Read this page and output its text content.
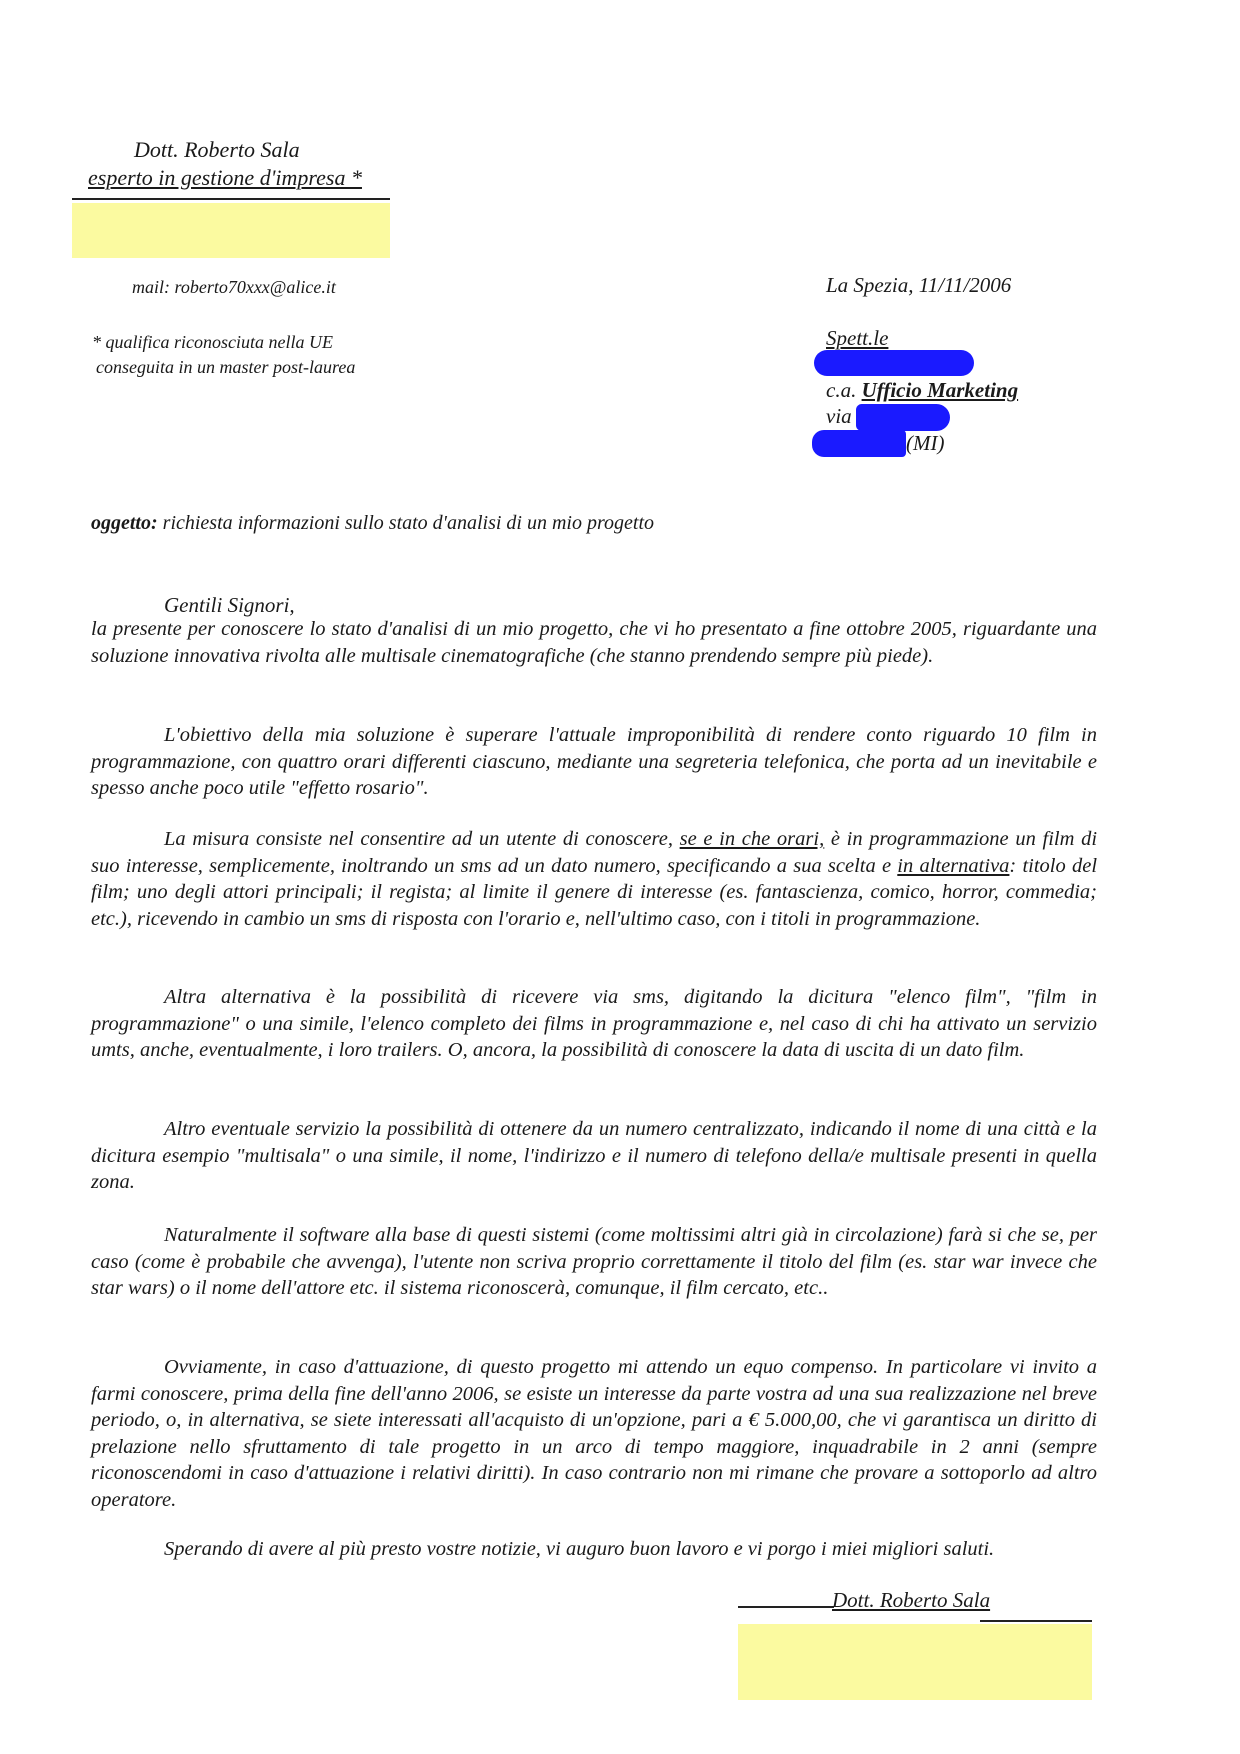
Dott. Roberto Sala
esperto in gestione d'impresa *
mail: roberto70xxx@alice.it
* qualifica riconosciuta nella UE
conseguita in un master post-laurea
La Spezia, 11/11/2006
Spett.le
c.a. Ufficio Marketing
via
(MI)
oggetto: richiesta informazioni sullo stato d'analisi di un mio progetto
Gentili Signori,

la presente per conoscere lo stato d'analisi di un mio progetto, che vi ho presentato a fine ottobre 2005, riguardante una soluzione innovativa rivolta alle multisale cinematografiche (che stanno prendendo sempre più piede).

L'obiettivo della mia soluzione è superare l'attuale improponibilità di rendere conto riguardo 10 film in programmazione, con quattro orari differenti ciascuno, mediante una segreteria telefonica, che porta ad un inevitabile e spesso anche poco utile "effetto rosario".

La misura consiste nel consentire ad un utente di conoscere, se e in che orari, è in programmazione un film di suo interesse, semplicemente, inoltrando un sms ad un dato numero, specificando a sua scelta e in alternativa: titolo del film; uno degli attori principali; il regista; al limite il genere di interesse (es. fantascienza, comico, horror, commedia; etc.), ricevendo in cambio un sms di risposta con l'orario e, nell'ultimo caso, con i titoli in programmazione.

Altra alternativa è la possibilità di ricevere via sms, digitando la dicitura "elenco film", "film in programmazione" o una simile, l'elenco completo dei films in programmazione e, nel caso di chi ha attivato un servizio umts, anche, eventualmente, i loro trailers. O, ancora, la possibilità di conoscere la data di uscita di un dato film.

Altro eventuale servizio la possibilità di ottenere da un numero centralizzato, indicando il nome di una città e la dicitura esempio "multisala" o una simile, il nome, l'indirizzo e il numero di telefono della/e multisale presenti in quella zona.

Naturalmente il software alla base di questi sistemi (come moltissimi altri già in circolazione) farà si che se, per caso (come è probabile che avvenga), l'utente non scriva proprio correttamente il titolo del film (es. star war invece che star wars) o il nome dell'attore etc. il sistema riconoscerà, comunque, il film cercato, etc..

Ovviamente, in caso d'attuazione, di questo progetto mi attendo un equo compenso. In particolare vi invito a farmi conoscere, prima della fine dell'anno 2006, se esiste un interesse da parte vostra ad una sua realizzazione nel breve periodo, o, in alternativa, se siete interessati all'acquisto di un'opzione, pari a € 5.000,00, che vi garantisca un diritto di prelazione nello sfruttamento di tale progetto in un arco di tempo maggiore, inquadrabile in 2 anni (sempre riconoscendomi in caso d'attuazione i relativi diritti). In caso contrario non mi rimane che provare a sottoporlo ad altro operatore.

Sperando di avere al più presto vostre notizie, vi auguro buon lavoro e vi porgo i miei migliori saluti.

Dott. Roberto Sala
